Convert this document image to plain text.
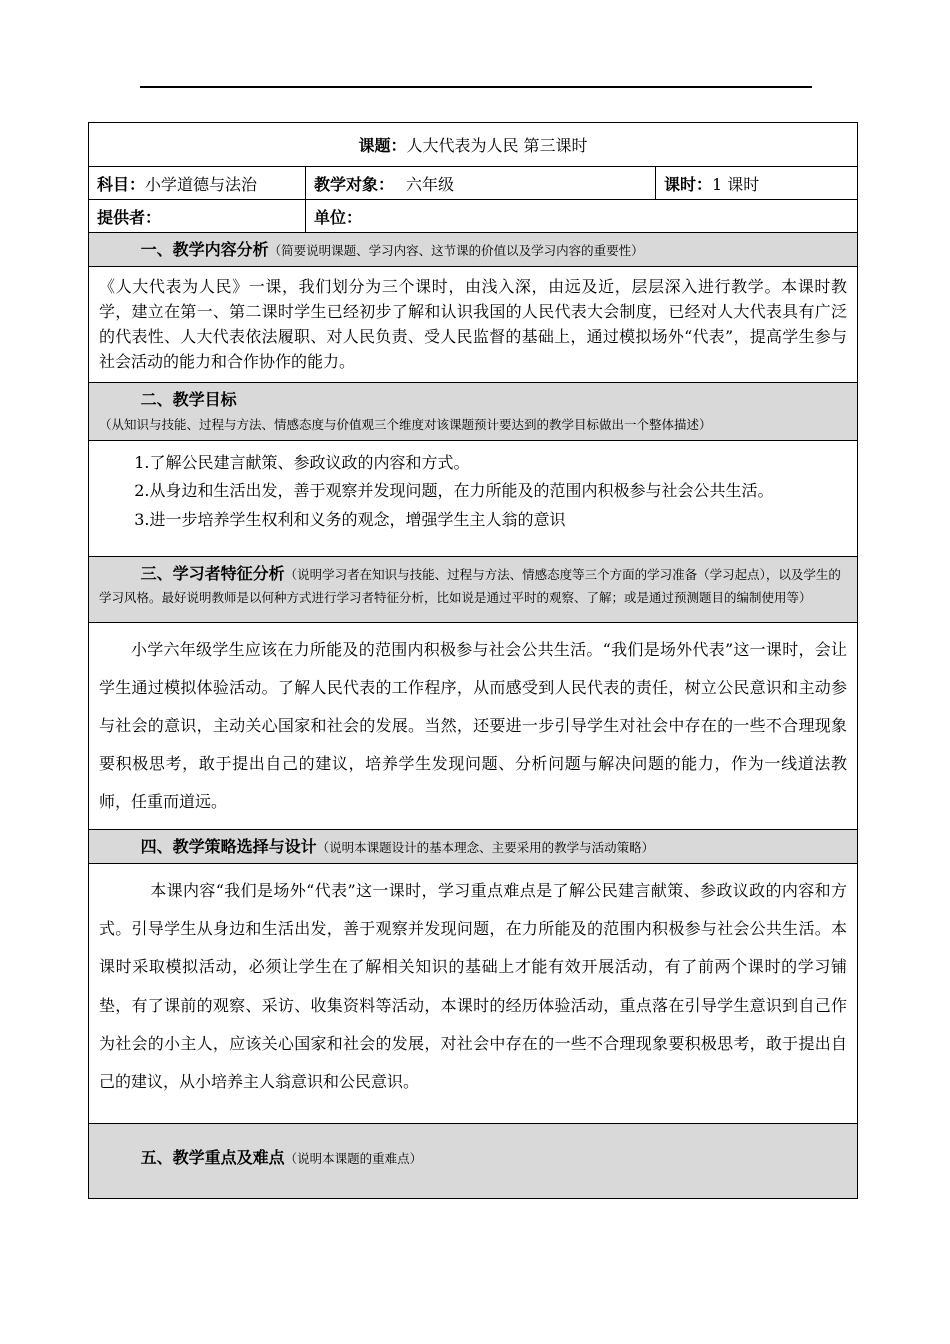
课题： 人大代表为人民 第三课时
科目： 小学道德与法治	教学对象： 六年级	课时： 1 课时
提供者：	单位：

一、教学内容分析（简要说明课题、学习内容、这节课的价值以及学习内容的重要性）

《人大代表为人民》一课，我们划分为三个课时，由浅入深，由远及近，层层深入进行教学。本课时教学，建立在第一、第二课时学生已经初步了解和认识我国的人民代表大会制度，已经对人大代表具有广泛的代表性、人大代表依法履职、对人民负责、受人民监督的基础上，通过模拟场外“代表”，提高学生参与社会活动的能力和合作协作的能力。

二、教学目标（从知识与技能、过程与方法、情感态度与价值观三个维度对该课题预计要达到的教学目标做出一个整体描述）

1.了解公民建言献策、参政议政的内容和方式。

2.从身边和生活出发，善于观察并发现问题，在力所能及的范围内积极参与社会公共生活。

3.进一步培养学生权利和义务的观念，增强学生主人翁的意识

三、学习者特征分析（说明学习者在知识与技能、过程与方法、情感态度等三个方面的学习准备（学习起点），以及学生的学习风格。最好说明教师是以何种方式进行学习者特征分析，比如说是通过平时的观察、了解；或是通过预测题目的编制使用等）

小学六年级学生应该在力所能及的范围内积极参与社会公共生活。“我们是场外代表”这一课时，会让学生通过模拟体验活动。了解人民代表的工作程序，从而感受到人民代表的责任，树立公民意识和主动参与社会的意识，主动关心国家和社会的发展。当然，还要进一步引导学生对社会中存在的一些不合理现象要积极思考，敢于提出自己的建议，培养学生发现问题、分析问题与解决问题的能力，作为一线道法教师，任重而道远。

四、教学策略选择与设计（说明本课题设计的基本理念、主要采用的教学与活动策略）

本课内容“我们是场外“代表”这一课时，学习重点难点是了解公民建言献策、参政议政的内容和方式。引导学生从身边和生活出发，善于观察并发现问题，在力所能及的范围内积极参与社会公共生活。本课时采取模拟活动，必须让学生在了解相关知识的基础上才能有效开展活动，有了前两个课时的学习铺垫，有了课前的观察、采访、收集资料等活动，本课时的经历体验活动，重点落在引导学生意识到自己作为社会的小主人，应该关心国家和社会的发展，对社会中存在的一些不合理现象要积极思考，敢于提出自己的建议，从小培养主人翁意识和公民意识。

五、教学重点及难点（说明本课题的重难点）
